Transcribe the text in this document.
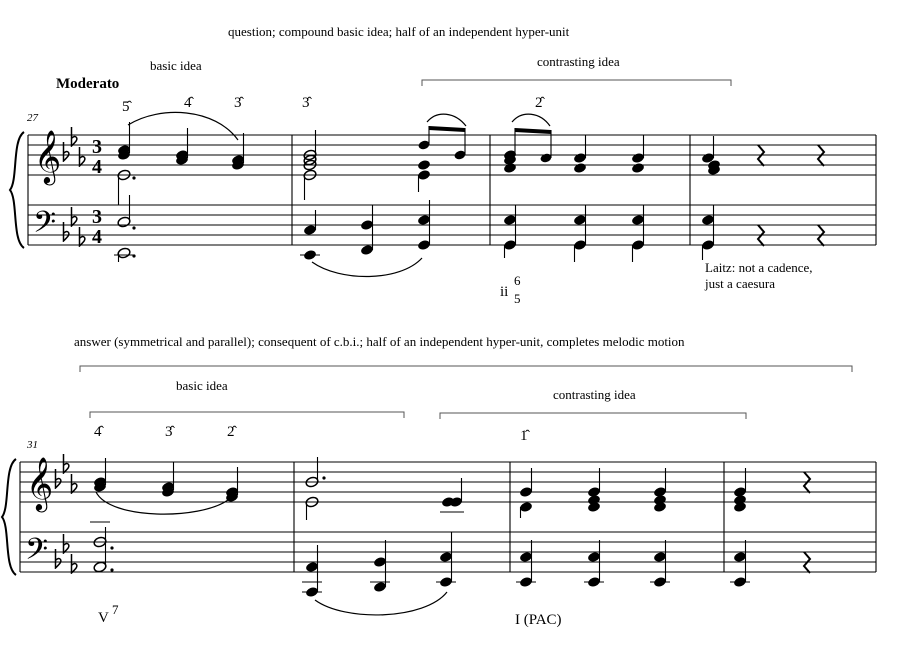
question; compound basic idea; half of an independent hyper-unit
basic idea	contrasting idea
Moderato
27
5̂	4̂	3̂	3̂	2̂
𝄞
𝄢
3
4
3
4
ii
6
5
Laitz: not a cadence,
just a caesura
answer (symmetrical and parallel); consequent of c.b.i.; half of an independent hyper-unit, completes melodic motion
basic idea
contrasting idea
31
4̂	3̂	2̂	1̂
𝄞
𝄢
V
7
I (PAC)
